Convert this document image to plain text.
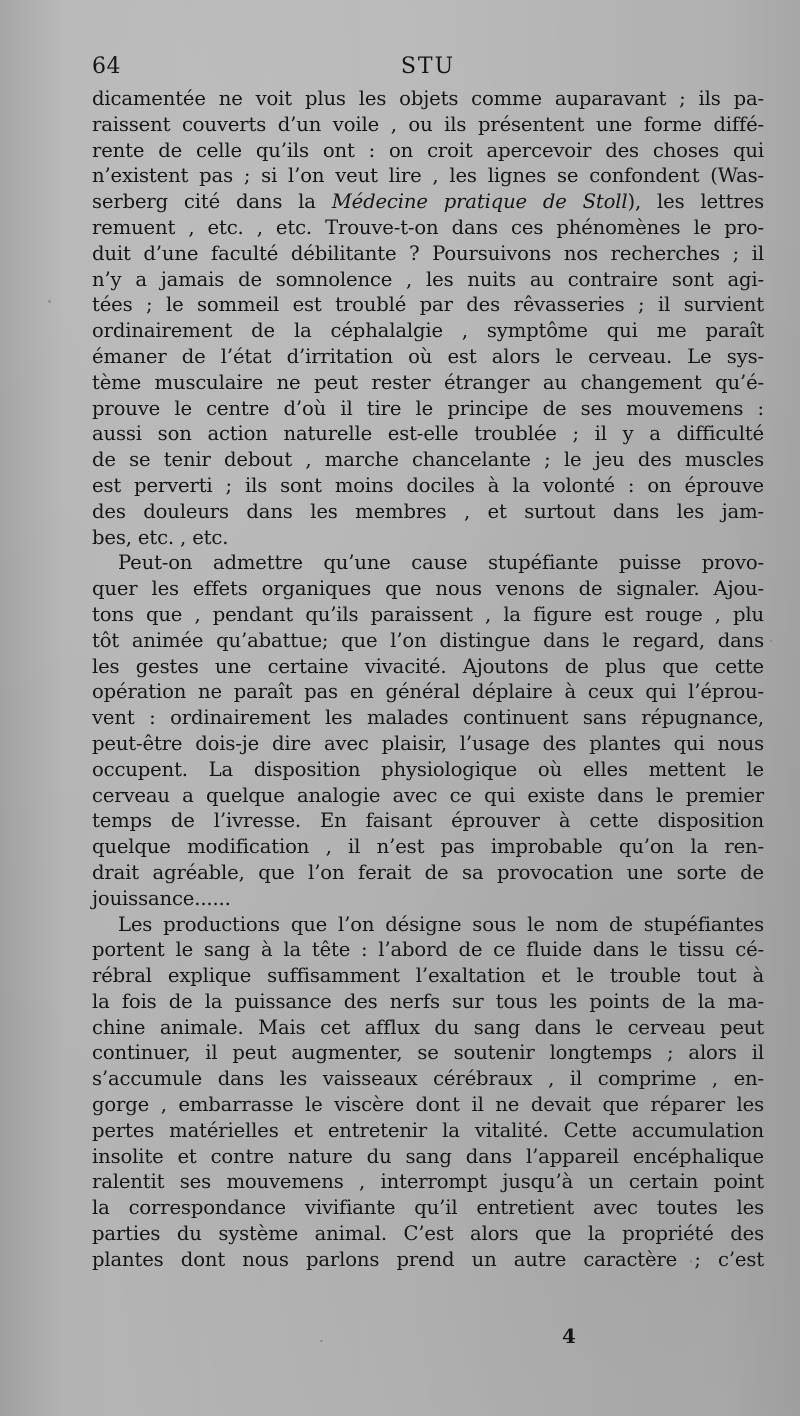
64	STU
dicamentée ne voit plus les objets comme auparavant ; ils pa-
raissent couverts d’un voile , ou ils présentent une forme diffé-
rente de celle qu’ils ont : on croit apercevoir des choses qui
n’existent pas ; si l’on veut lire , les lignes se confondent (Was-
serberg cité dans la Médecine pratique de Stoll), les lettres
remuent , etc. , etc. Trouve-t-on dans ces phénomènes le pro-
duit d’une faculté débilitante ? Poursuivons nos recherches ; il
n’y a jamais de somnolence , les nuits au contraire sont agi-
tées ; le sommeil est troublé par des rêvasseries ; il survient
ordinairement de la céphalalgie , symptôme qui me paraît
émaner de l’état d’irritation où est alors le cerveau. Le sys-
tème musculaire ne peut rester étranger au changement qu’é-
prouve le centre d’où il tire le principe de ses mouvemens :
aussi son action naturelle est-elle troublée ; il y a difficulté
de se tenir debout , marche chancelante ; le jeu des muscles
est perverti ; ils sont moins dociles à la volonté : on éprouve
des douleurs dans les membres , et surtout dans les jam-
bes, etc. , etc.
Peut-on admettre qu’une cause stupéfiante puisse provo-
quer les effets organiques que nous venons de signaler. Ajou-
tons que , pendant qu’ils paraissent , la figure est rouge , plu
tôt animée qu’abattue; que l’on distingue dans le regard, dans
les gestes une certaine vivacité. Ajoutons de plus que cette
opération ne paraît pas en général déplaire à ceux qui l’éprou-
vent : ordinairement les malades continuent sans répugnance,
peut-être dois-je dire avec plaisir, l’usage des plantes qui nous
occupent. La disposition physiologique où elles mettent le
cerveau a quelque analogie avec ce qui existe dans le premier
temps de l’ivresse. En faisant éprouver à cette disposition
quelque modification , il n’est pas improbable qu’on la ren-
drait agréable, que l’on ferait de sa provocation une sorte de
jouissance......
Les productions que l’on désigne sous le nom de stupéfiantes
portent le sang à la tête : l’abord de ce fluide dans le tissu cé-
rébral explique suffisamment l’exaltation et le trouble tout à
la fois de la puissance des nerfs sur tous les points de la ma-
chine animale. Mais cet afflux du sang dans le cerveau peut
continuer, il peut augmenter, se soutenir longtemps ; alors il
s’accumule dans les vaisseaux cérébraux , il comprime , en-
gorge , embarrasse le viscère dont il ne devait que réparer les
pertes matérielles et entretenir la vitalité. Cette accumulation
insolite et contre nature du sang dans l’appareil encéphalique
ralentit ses mouvemens , interrompt jusqu’à un certain point
la correspondance vivifiante qu’il entretient avec toutes les
parties du système animal. C’est alors que la propriété des
plantes dont nous parlons prend un autre caractère ; c’est
4
